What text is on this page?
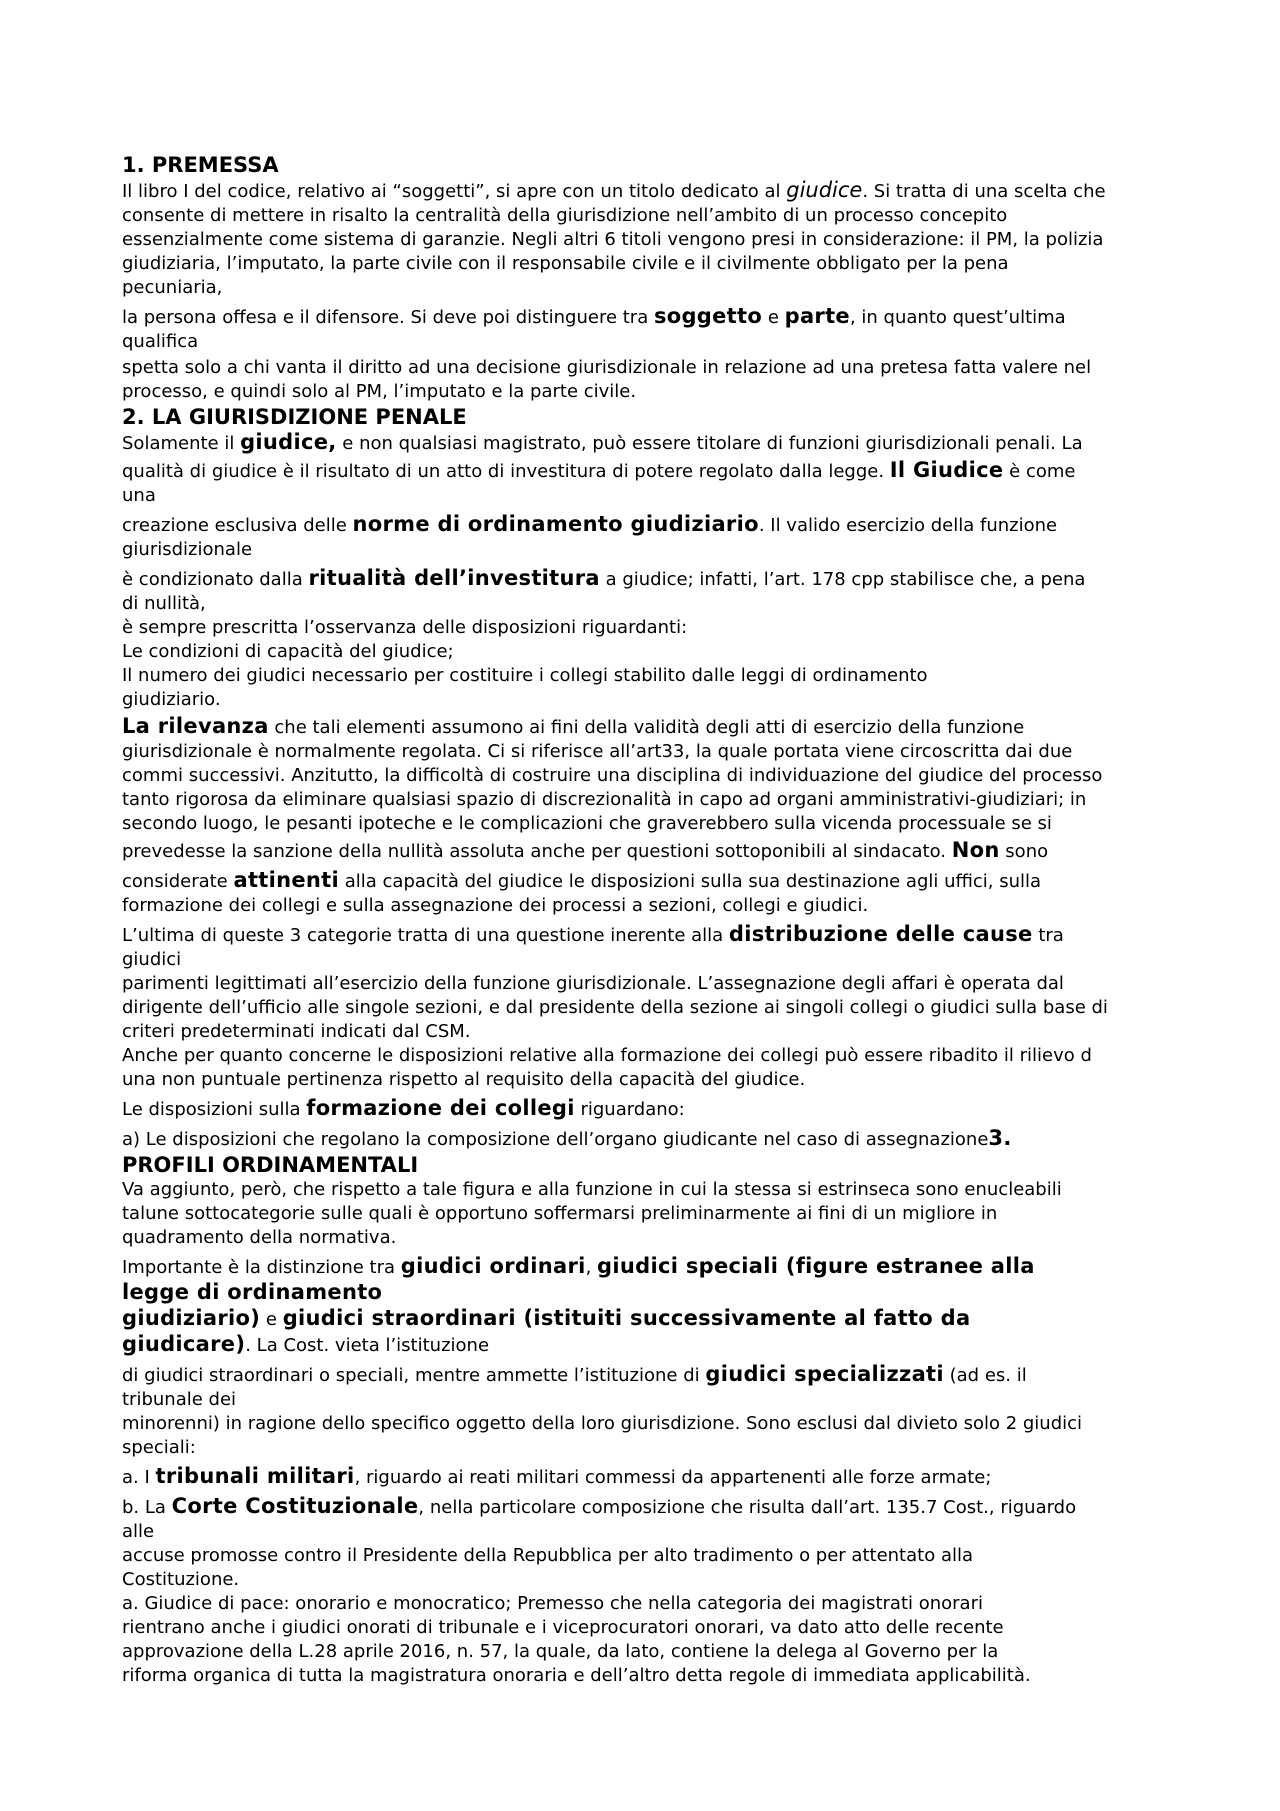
1. PREMESSA
Il libro I del codice, relativo ai “soggetti”, si apre con un titolo dedicato al giudice. Si tratta di una scelta che
consente di mettere in risalto la centralità della giurisdizione nell’ambito di un processo concepito
essenzialmente come sistema di garanzie. Negli altri 6 titoli vengono presi in considerazione: il PM, la polizia
giudiziaria, l’imputato, la parte civile con il responsabile civile e il civilmente obbligato per la pena
pecuniaria,
la persona offesa e il difensore. Si deve poi distinguere tra soggetto e parte, in quanto quest’ultima
qualifica
spetta solo a chi vanta il diritto ad una decisione giurisdizionale in relazione ad una pretesa fatta valere nel
processo, e quindi solo al PM, l’imputato e la parte civile.
2. LA GIURISDIZIONE PENALE
Solamente il giudice, e non qualsiasi magistrato, può essere titolare di funzioni giurisdizionali penali. La
qualità di giudice è il risultato di un atto di investitura di potere regolato dalla legge. Il Giudice è come
una
creazione esclusiva delle norme di ordinamento giudiziario. Il valido esercizio della funzione
giurisdizionale
è condizionato dalla ritualità dell’investitura a giudice; infatti, l’art. 178 cpp stabilisce che, a pena
di nullità,
è sempre prescritta l’osservanza delle disposizioni riguardanti:
Le condizioni di capacità del giudice;
Il numero dei giudici necessario per costituire i collegi stabilito dalle leggi di ordinamento
giudiziario.
La rilevanza che tali elementi assumono ai fini della validità degli atti di esercizio della funzione
giurisdizionale è normalmente regolata. Ci si riferisce all’art33, la quale portata viene circoscritta dai due
commi successivi. Anzitutto, la difficoltà di costruire una disciplina di individuazione del giudice del processo
tanto rigorosa da eliminare qualsiasi spazio di discrezionalità in capo ad organi amministrativi-giudiziari; in
secondo luogo, le pesanti ipoteche e le complicazioni che graverebbero sulla vicenda processuale se si
prevedesse la sanzione della nullità assoluta anche per questioni sottoponibili al sindacato. Non sono
considerate attinenti alla capacità del giudice le disposizioni sulla sua destinazione agli uffici, sulla
formazione dei collegi e sulla assegnazione dei processi a sezioni, collegi e giudici.
L’ultima di queste 3 categorie tratta di una questione inerente alla distribuzione delle cause tra
giudici
parimenti legittimati all’esercizio della funzione giurisdizionale. L’assegnazione degli affari è operata dal
dirigente dell’ufficio alle singole sezioni, e dal presidente della sezione ai singoli collegi o giudici sulla base di
criteri predeterminati indicati dal CSM.
Anche per quanto concerne le disposizioni relative alla formazione dei collegi può essere ribadito il rilievo d
una non puntuale pertinenza rispetto al requisito della capacità del giudice.
Le disposizioni sulla formazione dei collegi riguardano:
a) Le disposizioni che regolano la composizione dell’organo giudicante nel caso di assegnazione3.
PROFILI ORDINAMENTALI
Va aggiunto, però, che rispetto a tale figura e alla funzione in cui la stessa si estrinseca sono enucleabili
talune sottocategorie sulle quali è opportuno soffermarsi preliminarmente ai fini di un migliore in
quadramento della normativa.
Importante è la distinzione tra giudici ordinari, giudici speciali (figure estranee alla
legge di ordinamento
giudiziario) e giudici straordinari (istituiti successivamente al fatto da
giudicare). La Cost. vieta l’istituzione
di giudici straordinari o speciali, mentre ammette l’istituzione di giudici specializzati (ad es. il
tribunale dei
minorenni) in ragione dello specifico oggetto della loro giurisdizione. Sono esclusi dal divieto solo 2 giudici
speciali:
a. I tribunali militari, riguardo ai reati militari commessi da appartenenti alle forze armate;
b. La Corte Costituzionale, nella particolare composizione che risulta dall’art. 135.7 Cost., riguardo
alle
accuse promosse contro il Presidente della Repubblica per alto tradimento o per attentato alla
Costituzione.
a. Giudice di pace: onorario e monocratico; Premesso che nella categoria dei magistrati onorari
rientrano anche i giudici onorati di tribunale e i viceprocuratori onorari, va dato atto delle recente
approvazione della L.28 aprile 2016, n. 57, la quale, da lato, contiene la delega al Governo per la
riforma organica di tutta la magistratura onoraria e dell’altro detta regole di immediata applicabilità.
